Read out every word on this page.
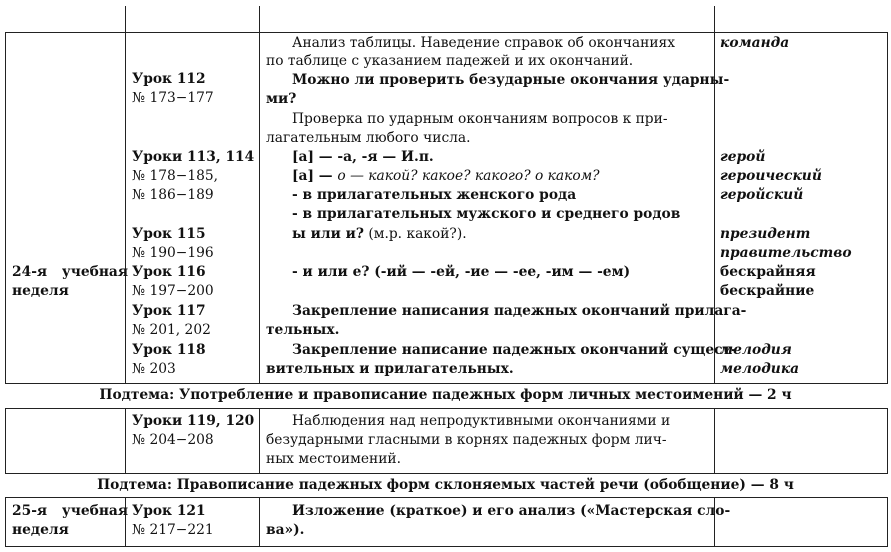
24-я учебная
неделя
25-я учебная
неделя
Урок 112
№ 173−177
Уроки 113, 114
№ 178−185,
№ 186−189
Урок 115
№ 190−196
Урок 116
№ 197−200
Урок 117
№ 201, 202
Урок 118
№ 203
Уроки 119, 120
№ 204−208
Урок 121
№ 217−221
Анализ таблицы. Наведение справок об окончаниях
по таблице с указанием падежей и их окончаний.
Можно ли проверить безударные окончания ударны-
ми?
Проверка по ударным окончаниям вопросов к при-
лагательным любого числа.
[а] — -а, -я — И.п.
[а] — о — какой? какое? какого? о каком?
- в прилагательных женского рода
- в прилагательных мужского и среднего родов
ы или и? (м.р. какой?).
- и или е? (-ий — -ей, -ие — -ее, -им — -ем)
Закрепление написания падежных окончаний прилага-
тельных.
Закрепление написание падежных окончаний сущест-
вительных и прилагательных.
Наблюдения над непродуктивными окончаниями и
безударными гласными в корнях падежных форм лич-
ных местоимений.
Изложение (краткое) и его анализ («Мастерская сло-
ва»).
команда
герой
героический
геройский
президент
правительство
бескрайняя
бескрайние
мелодия
мелодика
Подтема: Употребление и правописание падежных форм личных местоимений — 2 ч
Подтема: Правописание падежных форм склоняемых частей речи (обобщение) — 8 ч
